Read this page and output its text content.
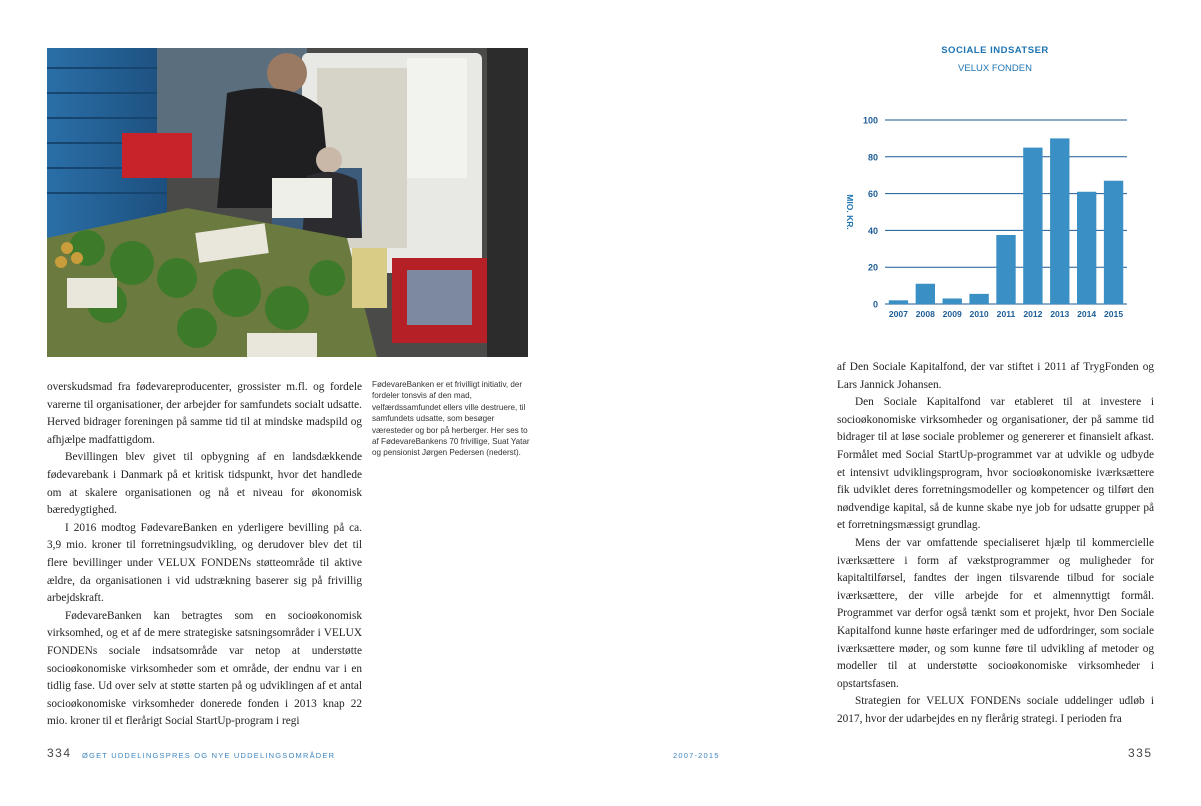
overskudsmad fra fødevareproducenter, grossister m.fl. og fordele varerne til organisationer, der arbejder for samfundets socialt udsatte. Herved bidrager foreningen på samme tid til at mindske madspild og afhjælpe madfattigdom.

Bevillingen blev givet til opbygning af en landsdækkende fødevarebank i Danmark på et kritisk tidspunkt, hvor det handlede om at skalere organisationen og nå et niveau for økonomisk bæredygtighed.

I 2016 modtog FødevareBanken en yderligere bevilling på ca. 3,9 mio. kroner til forretningsudvikling, og derudover blev det til flere bevillinger under VELUX FONDENs støtteområde til aktive ældre, da organisationen i vid udstrækning baserer sig på frivillig arbejdskraft.

FødevareBanken kan betragtes som en socioøkonomisk virksomhed, og et af de mere strategiske satsningsområder i VELUX FONDENs sociale indsatsområde var netop at understøtte socioøkonomiske virksomheder som et område, der endnu var i en tidlig fase. Ud over selv at støtte starten på og udviklingen af et antal socioøkonomiske virksomheder donerede fonden i 2013 knap 22 mio. kroner til et flerårigt Social StartUp-program i regi

FødevareBanken er et frivilligt initiativ, der fordeler tonsvis af den mad, velfærdssamfundet ellers ville destruere, til samfundets udsatte, som besøger væresteder og bor på herberger. Her ses to af FødevareBankens 70 frivillige, Suat Yatar og pensionist Jørgen Pedersen (nederst).
334 ØGET UDDELINGSPRES OG NYE UDDELINGSOMRÅDER	2007-2015
SOCIALE INDSATSER
VELUX FONDEN
0
20
40
60
80
100
2007 2008 2009 2010 2011 2012 2013 2014 2015
MIO. KR.

af Den Sociale Kapitalfond, der var stiftet i 2011 af TrygFonden og Lars Jannick Johansen.

Den Sociale Kapitalfond var etableret til at investere i socioøkonomiske virksomheder og organisationer, der på samme tid bidrager til at løse sociale problemer og genererer et finansielt afkast. Formålet med Social StartUp-programmet var at udvikle og udbyde et intensivt udviklingsprogram, hvor socioøkonomiske iværksættere fik udviklet deres forretningsmodeller og kompetencer og tilført den nødvendige kapital, så de kunne skabe nye job for udsatte grupper på et forretningsmæssigt grundlag.

Mens der var omfattende specialiseret hjælp til kommercielle iværksættere i form af vækstprogrammer og muligheder for kapitaltilførsel, fandtes der ingen tilsvarende tilbud for sociale iværksættere, der ville arbejde for et almennyttigt formål. Programmet var derfor også tænkt som et projekt, hvor Den Sociale Kapitalfond kunne høste erfaringer med de udfordringer, som sociale iværksættere møder, og som kunne føre til udvikling af metoder og modeller til at understøtte socioøkonomiske virksomheder i opstartsfasen.

Strategien for VELUX FONDENs sociale uddelinger udløb i 2017, hvor der udarbejdes en ny flerårig strategi. I perioden fra

335
